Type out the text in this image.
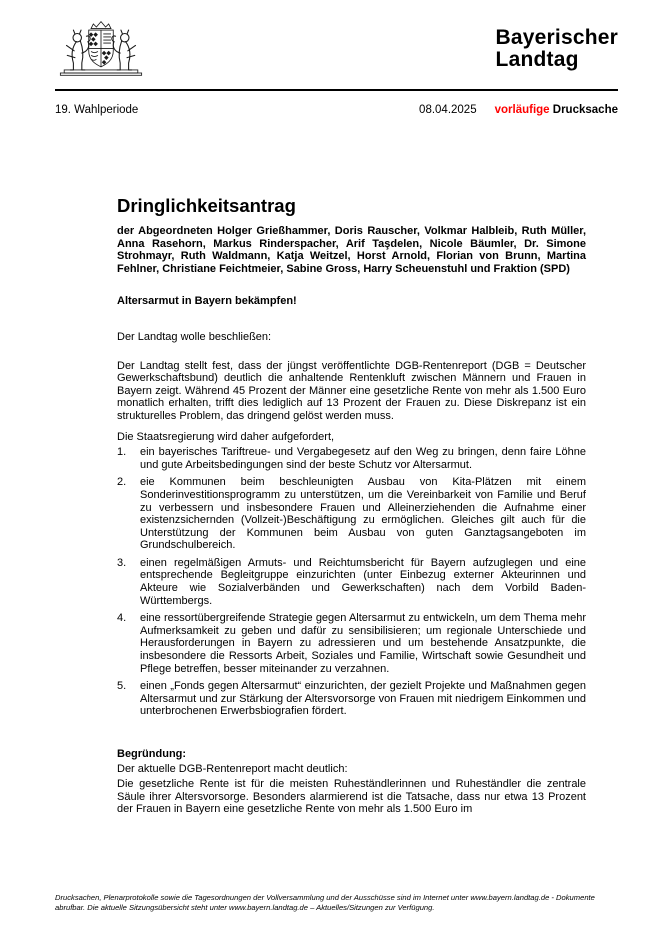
Bayerischer
Landtag
19. Wahlperiode	08.04.2025 vorläufige Drucksache
Dringlichkeitsantrag

der Abgeordneten Holger Grießhammer, Doris Rauscher, Volkmar Halbleib, Ruth Müller, Anna Rasehorn, Markus Rinderspacher, Arif Taşdelen, Nicole Bäumler, Dr. Simone Strohmayr, Ruth Waldmann, Katja Weitzel, Horst Arnold, Florian von Brunn, Martina Fehlner, Christiane Feichtmeier, Sabine Gross, Harry Scheuenstuhl und Fraktion (SPD)

Altersarmut in Bayern bekämpfen!

Der Landtag wolle beschließen:

Der Landtag stellt fest, dass der jüngst veröffentlichte DGB-Rentenreport (DGB = Deutscher Gewerkschaftsbund) deutlich die anhaltende Rentenkluft zwischen Männern und Frauen in Bayern zeigt. Während 45 Prozent der Männer eine gesetzliche Rente von mehr als 1.500 Euro monatlich erhalten, trifft dies lediglich auf 13 Prozent der Frauen zu. Diese Diskrepanz ist ein strukturelles Problem, das dringend gelöst werden muss.

Die Staatsregierung wird daher aufgefordert,

1.	ein bayerisches Tariftreue- und Vergabegesetz auf den Weg zu bringen, denn faire Löhne und gute Arbeitsbedingungen sind der beste Schutz vor Altersarmut.
2.	eie Kommunen beim beschleunigten Ausbau von Kita-Plätzen mit einem Sonderinvestitionsprogramm zu unterstützen, um die Vereinbarkeit von Familie und Beruf zu verbessern und insbesondere Frauen und Alleinerziehenden die Aufnahme einer existenzsichernden (Vollzeit-)Beschäftigung zu ermöglichen. Gleiches gilt auch für die Unterstützung der Kommunen beim Ausbau von guten Ganztagsangeboten im Grundschulbereich.
3.	einen regelmäßigen Armuts- und Reichtumsbericht für Bayern aufzuglegen und eine entsprechende Begleitgruppe einzurichten (unter Einbezug externer Akteurinnen und Akteure wie Sozialverbänden und Gewerkschaften) nach dem Vorbild Baden-Württembergs.
4.	eine ressortübergreifende Strategie gegen Altersarmut zu entwickeln, um dem Thema mehr Aufmerksamkeit zu geben und dafür zu sensibilisieren; um regionale Unterschiede und Herausforderungen in Bayern zu adressieren und um bestehende Ansatzpunkte, die insbesondere die Ressorts Arbeit, Soziales und Familie, Wirtschaft sowie Gesundheit und Pflege betreffen, besser miteinander zu verzahnen.
5.	einen „Fonds gegen Altersarmut“ einzurichten, der gezielt Projekte und Maßnahmen gegen Altersarmut und zur Stärkung der Altersvorsorge von Frauen mit niedrigem Einkommen und unterbrochenen Erwerbsbiografien fördert.

Begründung:

Der aktuelle DGB-Rentenreport macht deutlich:

Die gesetzliche Rente ist für die meisten Ruheständlerinnen und Ruheständler die zentrale Säule ihrer Altersvorsorge. Besonders alarmierend ist die Tatsache, dass nur etwa 13 Prozent der Frauen in Bayern eine gesetzliche Rente von mehr als 1.500 Euro im

Drucksachen, Plenarprotokolle sowie die Tagesordnungen der Vollversammlung und der Ausschüsse sind im Internet unter www.bayern.landtag.de - Dokumente abrufbar. Die aktuelle Sitzungsübersicht steht unter www.bayern.landtag.de – Aktuelles/Sitzungen zur Verfügung.
